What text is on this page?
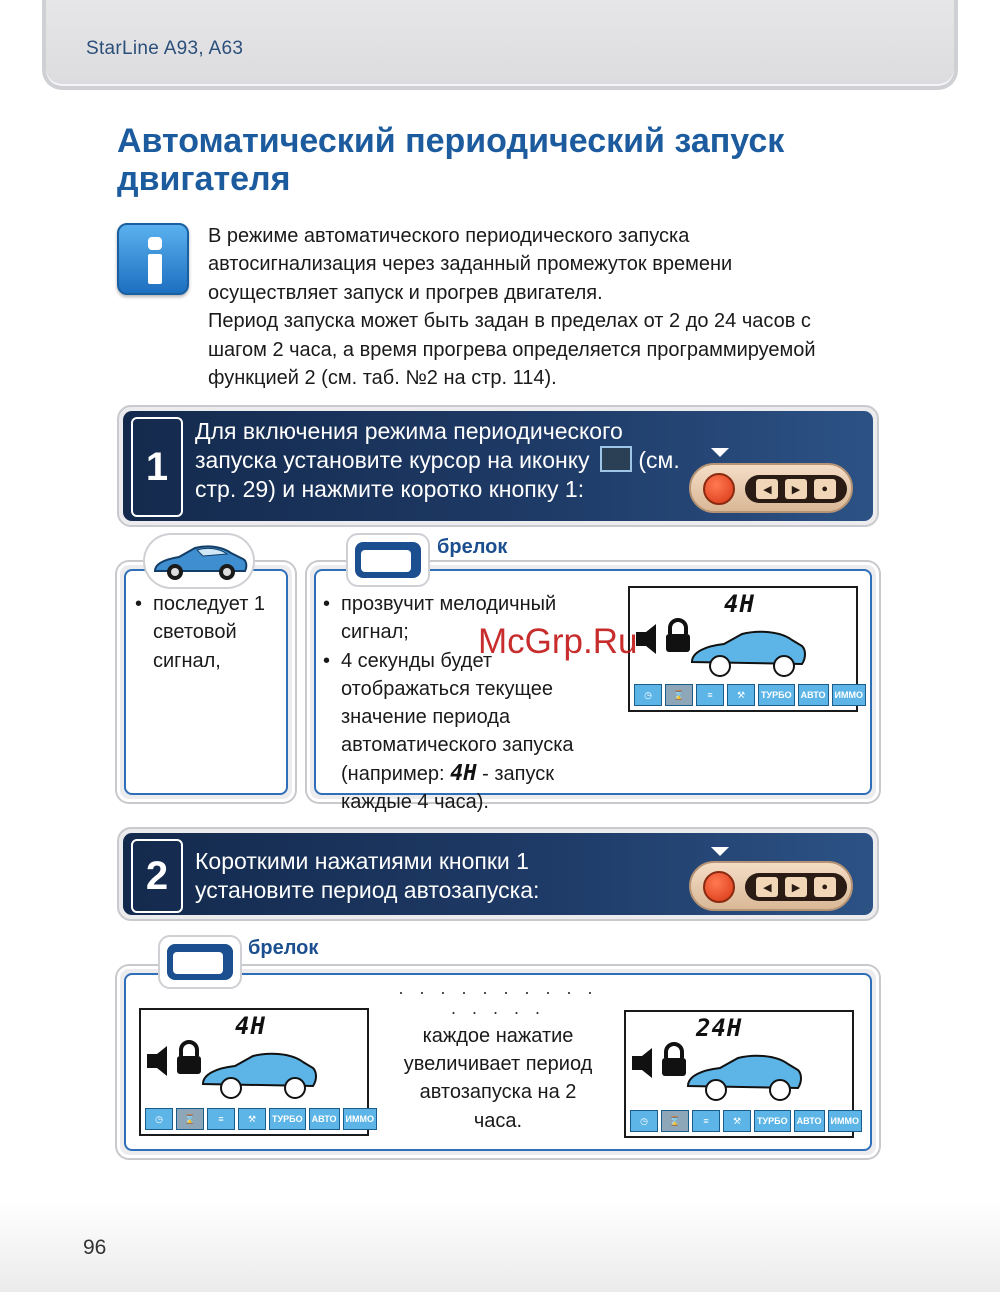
StarLine A93, A63
Автоматический периодический запуск двигателя

В режиме автоматического периодического запуска автосигнализация через заданный промежуток времени осуществляет запуск и прогрев двигателя.

Период запуска может быть задан в пределах от 2 до 24 часов с шагом 2 часа, а время прогрева определяется программируемой функцией 2 (см. таб. №2 на стр. 114).

1
Для включения режима периодического запуска установите курсор на иконку (см. стр. 29) и нажмите коротко кнопку 1:	◀	▶	●
• последует 1 световой сигнал,
брелок
• прозвучит мелодичный сигнал;
• 4 секунды будет отображаться текущее значение периода автоматического запуска (например: 4H - запуск каждые 4 часа).
4H
◷	⌛	≡	⚒	ТУРБО	АВТО	ИММО
McGrp.Ru
2	Короткими нажатиями кнопки 1 установите период автозапуска:	◀	▶	●
брелок
4H
◷	⌛	≡	⚒	ТУРБО	АВТО	ИММО
· · · · · · · · · · · · · · ·
каждое нажатие увеличивает период автозапуска на 2 часа.
24H
◷	⌛	≡	⚒	ТУРБО	АВТО	ИММО
96
